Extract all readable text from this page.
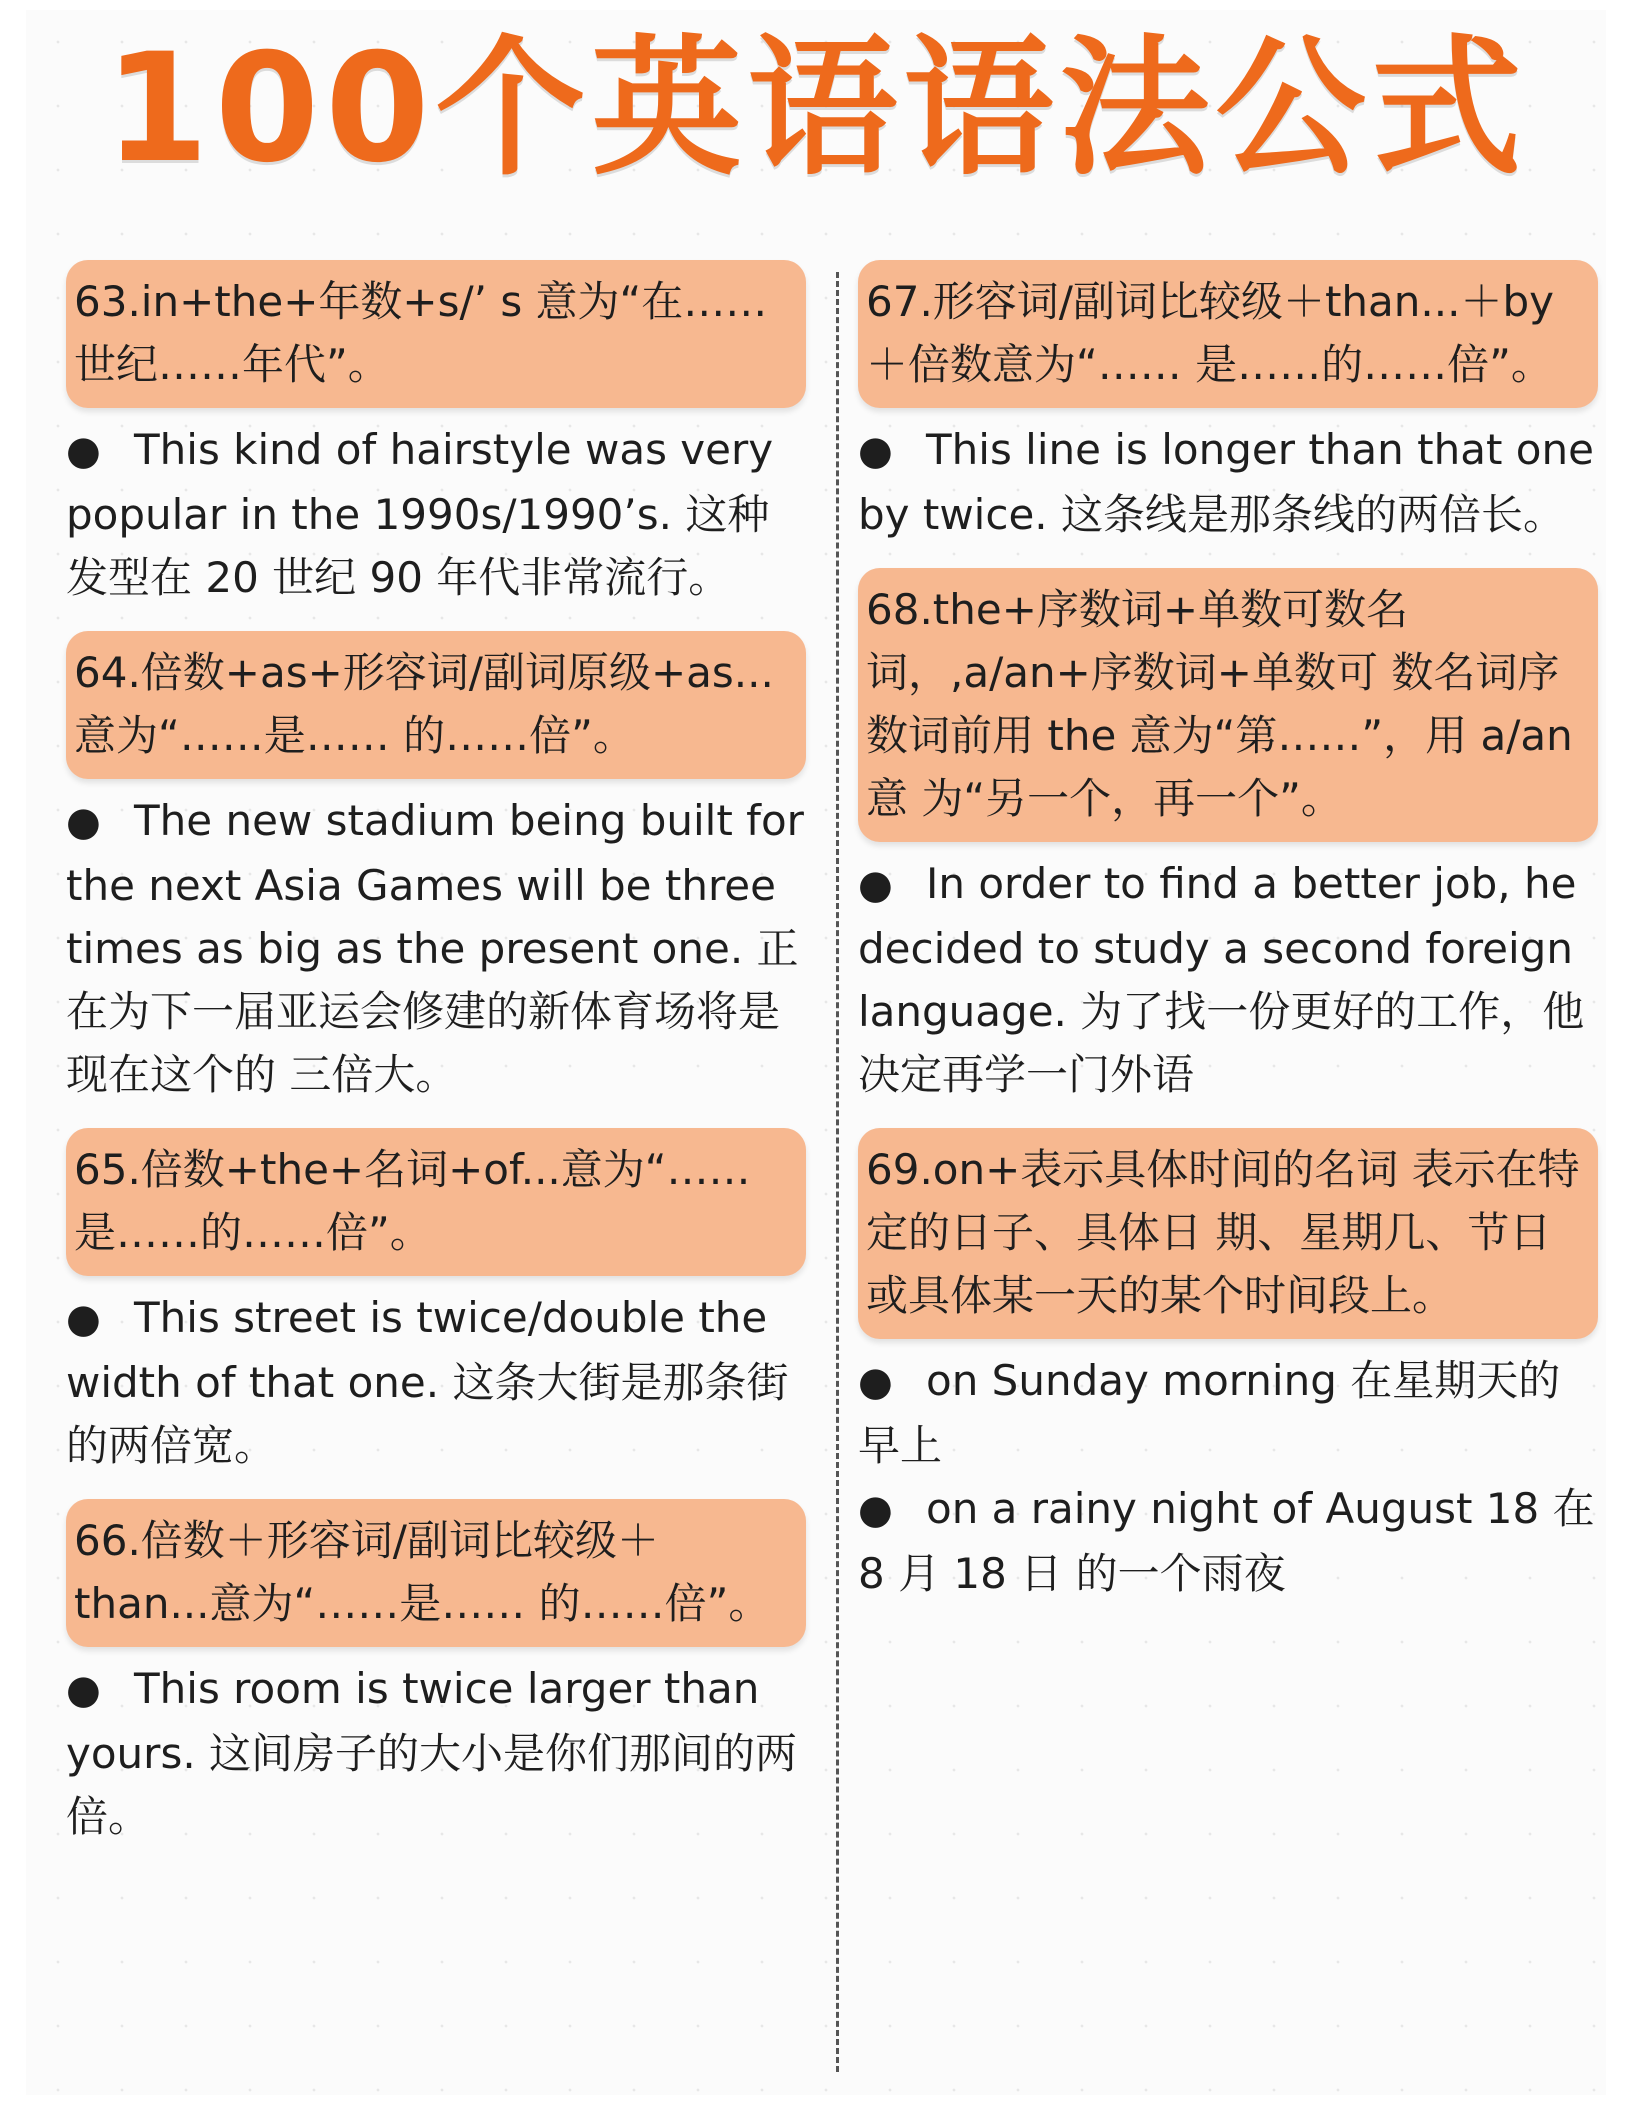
100个英语语法公式
63.in+the+年数+s/’ s 意为“在……世纪……年代”。
● This kind of hairstyle was very popular in the 1990s/1990’s. 这种发型在 20 世纪 90 年代非常流行。
64.倍数+as+形容词/副词原级+as...意为“……是…… 的……倍”。
● The new stadium being built for the next Asia Games will be three times as big as the present one. 正在为下一届亚运会修建的新体育场将是现在这个的 三倍大。
65.倍数+the+名词+of...意为“……是……的……倍”。
● This street is twice/double the width of that one. 这条大街是那条街的两倍宽。
66.倍数＋形容词/副词比较级＋than...意为“……是…… 的……倍”。
● This room is twice larger than yours. 这间房子的大小是你们那间的两倍。
67.形容词/副词比较级＋than...＋by＋倍数意为“…… 是……的……倍”。
● This line is longer than that one by twice. 这条线是那条线的两倍长。
68.the+序数词+单数可数名词，,a/an+序数词+单数可 数名词序数词前用 the 意为“第……”，用 a/an 意 为“另一个，再一个”。
● In order to find a better job, he decided to study a second foreign language. 为了找一份更好的工作，他决定再学一门外语
69.on+表示具体时间的名词 表示在特定的日子、具体日 期、星期几、节日或具体某一天的某个时间段上。
● on Sunday morning 在星期天的早上
● on a rainy night of August 18 在 8 月 18 日 的一个雨夜
